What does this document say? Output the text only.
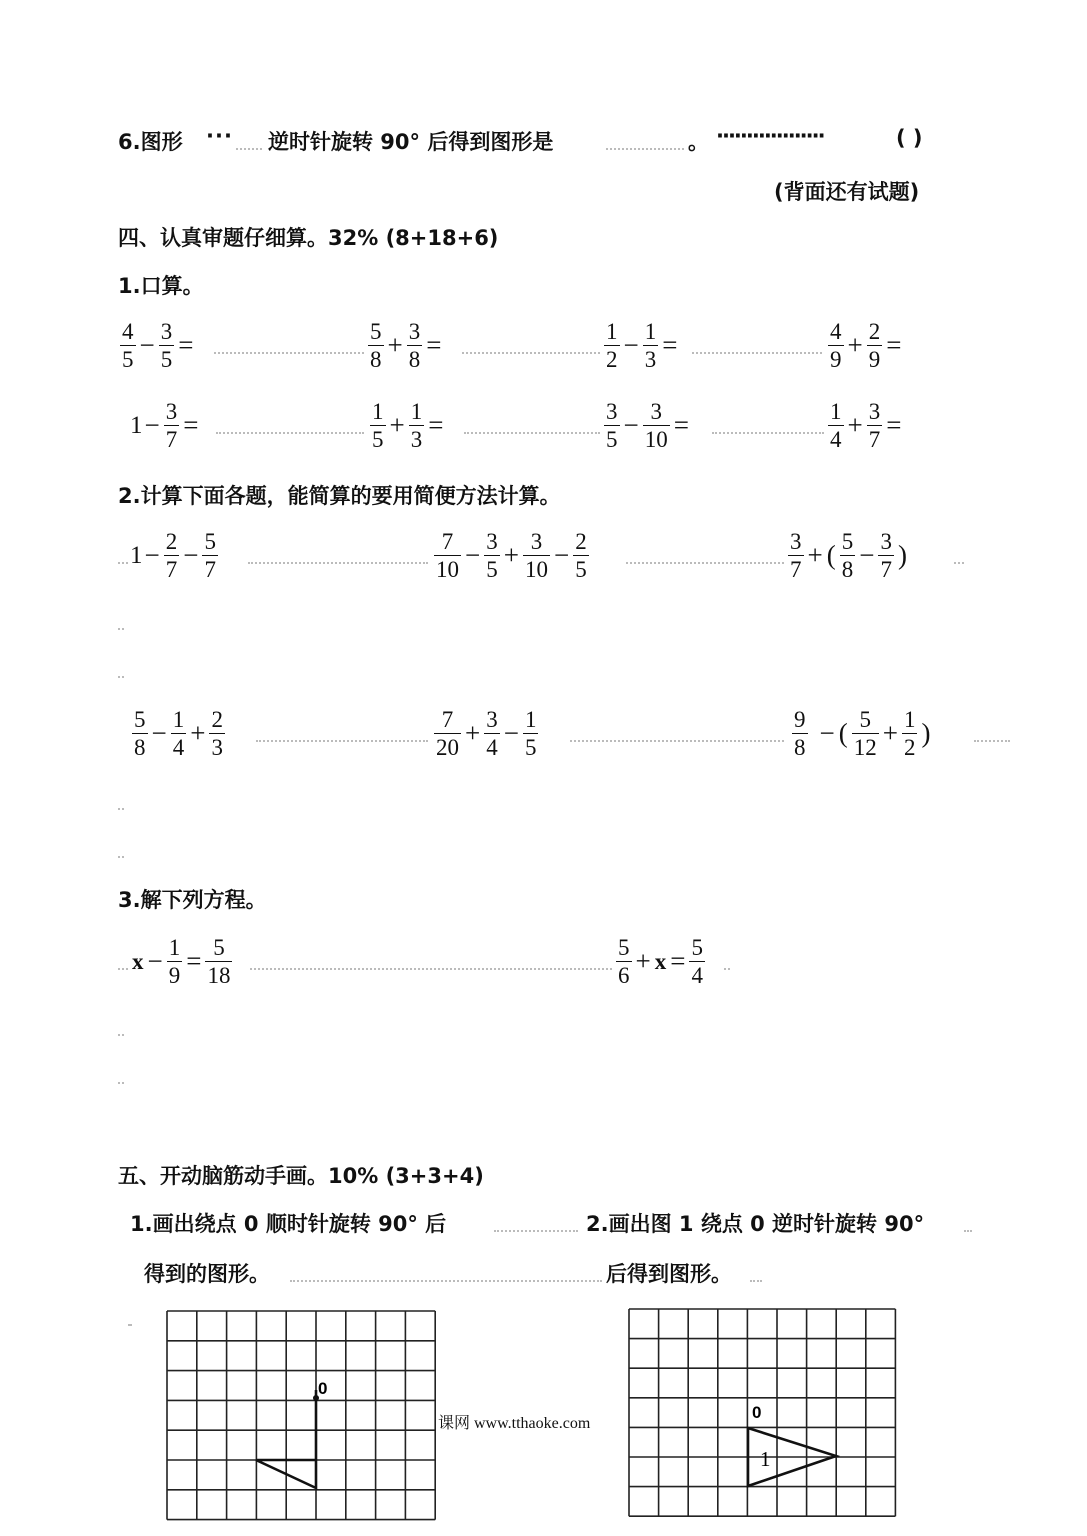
6.图形 ··· 逆时针旋转 90° 后得到图形是	。 ··················	( )
(背面还有试题)
四、认真审题仔细算。32% (8+18+6)
1.口算。
$\frac{4}{5} - \frac{3}{5}$ =	$\frac{5}{8} + \frac{3}{8}$ =	$\frac{1}{2} - \frac{1}{3}$ =	$\frac{4}{9} + \frac{2}{9}$ =
$1 - \frac{3}{7}$ =	$\frac{1}{5} + \frac{1}{3}$ =	$\frac{3}{5} - \frac{3}{10}$ =	$\frac{1}{4} + \frac{3}{7}$ =
2.计算下面各题，能简算的要用简便方法计算。
$1 - \frac{2}{7} - \frac{5}{7}$	$\frac{7}{10} - \frac{3}{5} + \frac{3}{10} - \frac{2}{5}$	$\frac{3}{7}$ + ( $\frac{5}{8} - \frac{3}{7}$ )
$\frac{5}{8} - \frac{1}{4} + \frac{2}{3}$	$\frac{7}{20} + \frac{3}{4} - \frac{1}{5}$	$\frac{9}{8}$ − ( $\frac{5}{12} + \frac{1}{2}$ )
3.解下列方程。
$x - \frac{1}{9} = \frac{5}{18}$	$\frac{5}{6} + x = \frac{5}{4}$
五、开动脑筋动手画。10% (3+3+4)
1.画出绕点 0 顺时针旋转 90° 后	2.画出图 1 绕点 0 逆时针旋转 90°
得到的图形。	后得到图形。
0
课网 www.tthaoke.com
0
1
